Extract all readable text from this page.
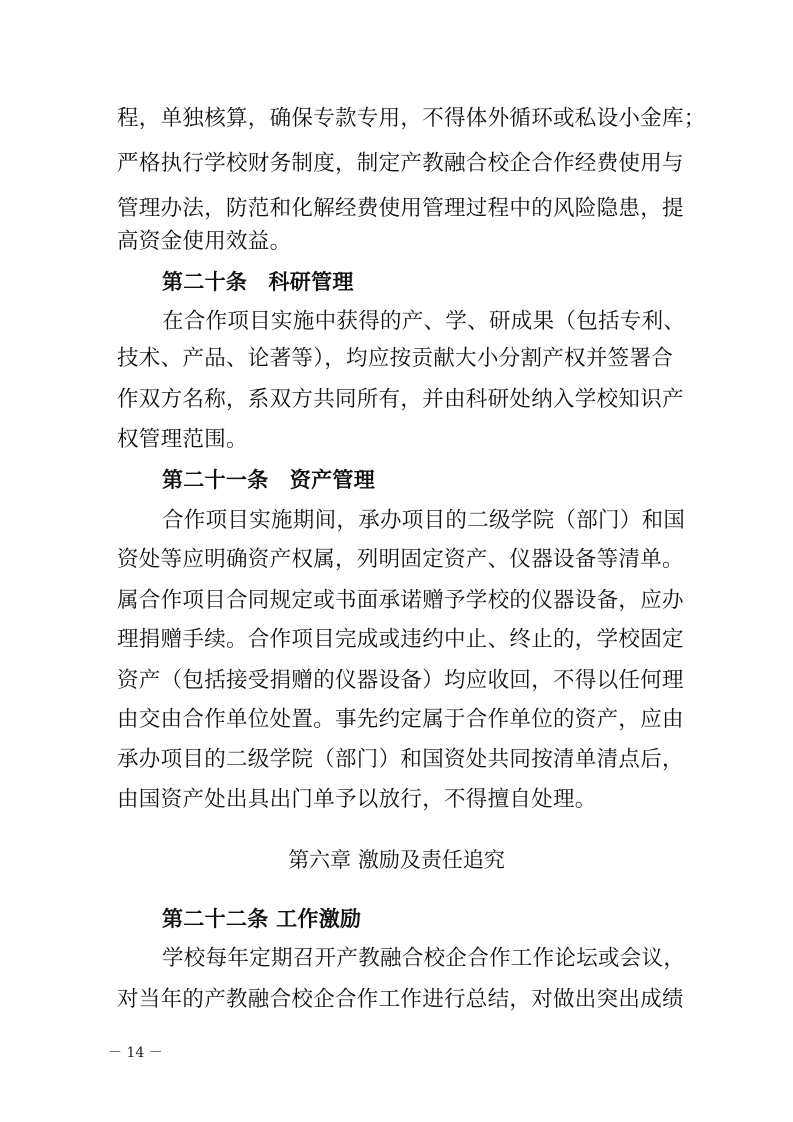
程，单独核算，确保专款专用，不得体外循环或私设小金库；
严格执行学校财务制度，制定产教融合校企合作经费使用与
管理办法，防范和化解经费使用管理过程中的风险隐患，提
高资金使用效益。
第二十条　科研管理
在合作项目实施中获得的产、学、研成果（包括专利、
技术、产品、论著等），均应按贡献大小分割产权并签署合
作双方名称，系双方共同所有，并由科研处纳入学校知识产
权管理范围。
第二十一条　资产管理
合作项目实施期间，承办项目的二级学院（部门）和国
资处等应明确资产权属，列明固定资产、仪器设备等清单。
属合作项目合同规定或书面承诺赠予学校的仪器设备，应办
理捐赠手续。合作项目完成或违约中止、终止的，学校固定
资产（包括接受捐赠的仪器设备）均应收回，不得以任何理
由交由合作单位处置。事先约定属于合作单位的资产，应由
承办项目的二级学院（部门）和国资处共同按清单清点后，
由国资产处出具出门单予以放行，不得擅自处理。
第六章 激励及责任追究
第二十二条 工作激励
学校每年定期召开产教融合校企合作工作论坛或会议，
对当年的产教融合校企合作工作进行总结，对做出突出成绩
－ 14 －
